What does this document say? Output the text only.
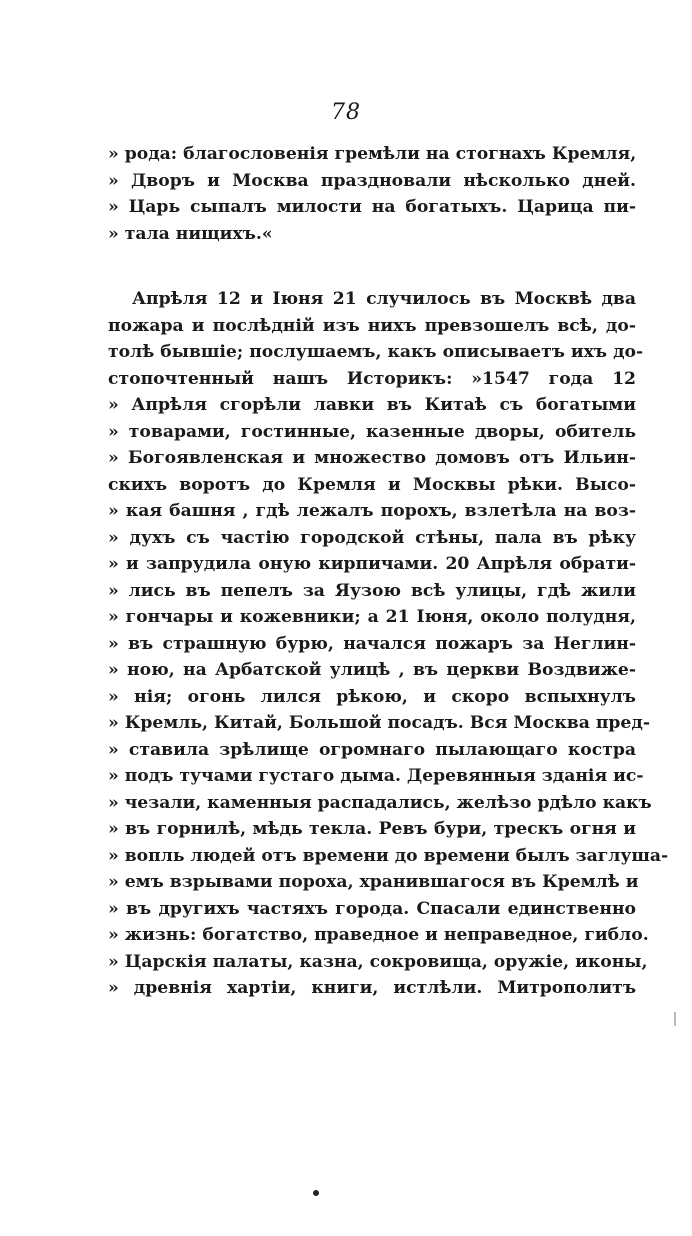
78
» рода: благословенія гремѣли на стогнахъ Кремля,
» Дворъ и Москва праздновали нѣсколько дней.
» Царь сыпалъ милости на богатыхъ. Царица пи-
» тала нищихъ.«
Апрѣля 12 и Іюня 21 случилось въ Москвѣ два
пожара и послѣдній изъ нихъ превзошелъ всѣ, до-
толѣ бывшіе; послушаемъ, какъ описываетъ ихъ до-
стопочтенный нашъ Историкъ: »1547 года 12
» Апрѣля сгорѣли лавки въ Китаѣ съ богатыми
» товарами, гостинные, казенные дворы, обитель
» Богоявленская и множество домовъ отъ Ильин-
скихъ воротъ до Кремля и Москвы рѣки. Высо-
» кая башня , гдѣ лежалъ порохъ, взлетѣла на воз-
» духъ съ частію городской стѣны, пала въ рѣку
» и запрудила оную кирпичами. 20 Апрѣля обрати-
» лись въ пепелъ за Яузою всѣ улицы, гдѣ жили
» гончары и кожевники; а 21 Іюня, около полудня,
» въ страшную бурю, начался пожаръ за Неглин-
» ною, на Арбатской улицѣ , въ церкви Воздвиже-
» нія; огонь лился рѣкою, и скоро вспыхнулъ
» Кремль, Китай, Большой посадъ. Вся Москва пред-
» ставила зрѣлище огромнаго пылающаго костра
» подъ тучами густаго дыма. Деревянныя зданія ис-
» чезали, каменныя распадались, желѣзо рдѣло какъ
» въ горнилѣ, мѣдь текла. Ревъ бури, трескъ огня и
» вопль людей отъ времени до времени былъ заглуша-
» емъ взрывами пороха, хранившагося въ Кремлѣ и
» въ другихъ частяхъ города. Спасали единственно
» жизнь: богатство, праведное и неправедное, гибло.
» Царскія палаты, казна, сокровища, оружіе, иконы,
» древнія хартіи, книги, истлѣли. Митрополитъ
